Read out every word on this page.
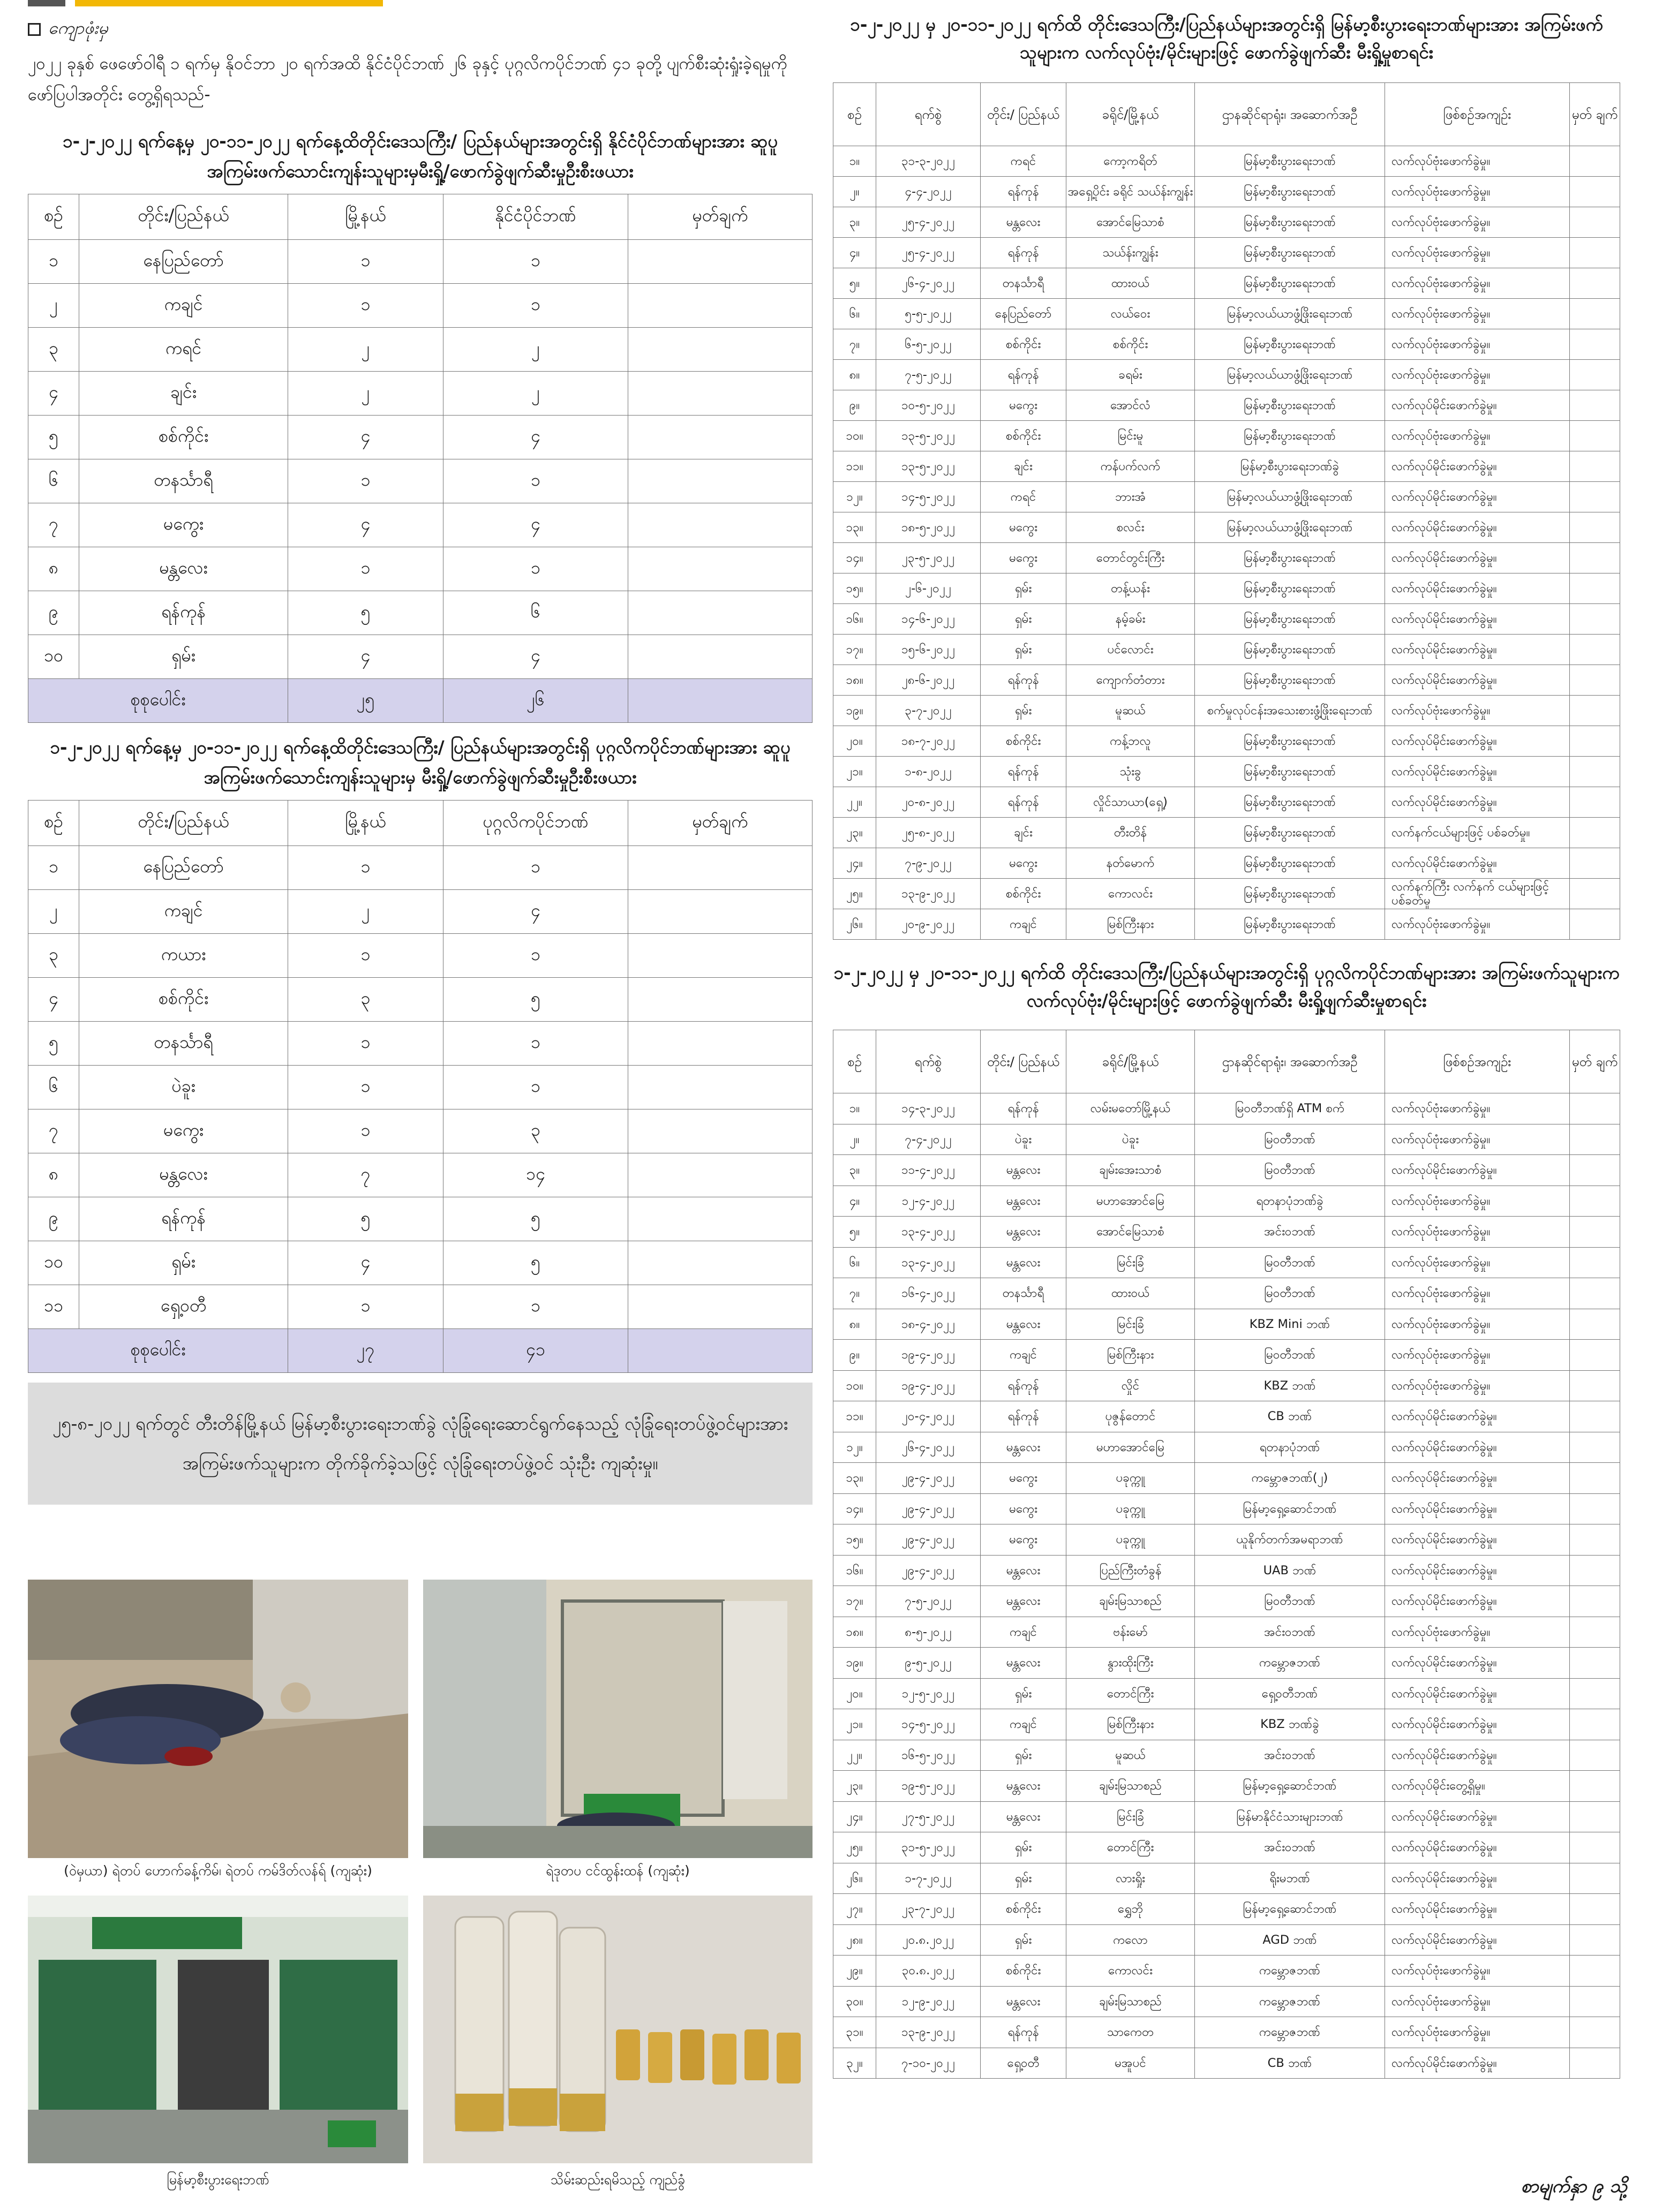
ကျောဖုံးမှ
၂၀၂၂ ခုနှစ် ဖေဖော်ဝါရီ ၁ ရက်မှ နိုဝင်ဘာ ၂၀ ရက်အထိ နိုင်ငံပိုင်ဘဏ် ၂၆ ခုနှင့် ပုဂ္ဂလိကပိုင်ဘဏ် ၄၁ ခုတို့ ပျက်စီးဆုံးရှုံးခဲ့ရမှုကို ဖော်ပြပါအတိုင်း တွေ့ရှိရသည်-
၁-၂-၂၀၂၂ ရက်နေ့မှ ၂၀-၁၁-၂၀၂၂ ရက်နေ့ထိတိုင်းဒေသကြီး/ ပြည်နယ်များအတွင်းရှိ နိုင်ငံပိုင်ဘဏ်များအား ဆူပူအကြမ်းဖက်သောင်းကျန်းသူများမှမီးရှို့/ဖောက်ခွဲဖျက်ဆီးမှုဦးစီးဖယား
စဉ်	တိုင်း/ပြည်နယ်	မြို့နယ်	နိုင်ငံပိုင်ဘဏ်	မှတ်ချက်
၁	နေပြည်တော်	၁	၁	
၂	ကချင်	၁	၁	
၃	ကရင်	၂	၂	
၄	ချင်း	၂	၂	
၅	စစ်ကိုင်း	၄	၄	
၆	တနင်္သာရီ	၁	၁	
၇	မကွေး	၄	၄	
၈	မန္တလေး	၁	၁	
၉	ရန်ကုန်	၅	၆	
၁၀	ရှမ်း	၄	၄	
စုစုပေါင်း		၂၅	၂၆	
၁-၂-၂၀၂၂ ရက်နေ့မှ ၂၀-၁၁-၂၀၂၂ ရက်နေ့ထိတိုင်းဒေသကြီး/ ပြည်နယ်များအတွင်းရှိ ပုဂ္ဂလိကပိုင်ဘဏ်များအား ဆူပူအကြမ်းဖက်သောင်းကျန်းသူများမှ မီးရှို့/ဖောက်ခွဲဖျက်ဆီးမှုဦးစီးဖယား
စဉ်	တိုင်း/ပြည်နယ်	မြို့နယ်	ပုဂ္ဂလိကပိုင်ဘဏ်	မှတ်ချက်
၁	နေပြည်တော်	၁	၁	
၂	ကချင်	၂	၄	
၃	ကယား	၁	၁	
၄	စစ်ကိုင်း	၃	၅	
၅	တနင်္သာရီ	၁	၁	
၆	ပဲခူး	၁	၁	
၇	မကွေး	၁	၃	
၈	မန္တလေး	၇	၁၄	
၉	ရန်ကုန်	၅	၅	
၁၀	ရှမ်း	၄	၅	
၁၁	ရှေ့ဝတီ	၁	၁	
စုစုပေါင်း		၂၇	၄၁	
၂၅-၈-၂၀၂၂ ရက်တွင် တီးတိန်မြို့နယ် မြန်မာ့စီးပွားရေးဘဏ်ခွဲ လုံခြုံရေးဆောင်ရွက်နေသည့် လုံခြုံရေးတပ်ဖွဲ့ဝင်များအား အကြမ်းဖက်သူများက တိုက်ခိုက်ခဲ့သဖြင့် လုံခြုံရေးတပ်ဖွဲ့ဝင် သုံးဦး ကျဆုံးမှု။
(ဝဲမှယာ) ရဲတပ် ဟောက်ခန့်ကိမ်၊ ရဲတပ် ကမ်ဒိတ်လန်ရ် (ကျဆုံး)	ရဲဒုတပ ငင်ထွန်းထန် (ကျဆုံး)
မြန်မာ့စီးပွားရေးဘဏ်	သိမ်းဆည်းရမိသည့် ကျည်ခွံ
၁-၂-၂၀၂၂ မှ ၂၀-၁၁-၂၀၂၂ ရက်ထိ တိုင်းဒေသကြီး/ပြည်နယ်များအတွင်းရှိ မြန်မာ့စီးပွားရေးဘဏ်များအား အကြမ်းဖက်သူများက လက်လုပ်ဗုံး/မိုင်းများဖြင့် ဖောက်ခွဲဖျက်ဆီး မီးရှို့မှုစာရင်း
စဉ်	ရက်စွဲ	တိုင်း/ ပြည်နယ်	ခရိုင်/မြို့နယ်	ဌာနဆိုင်ရာရုံး၊ အဆောက်အဦ	ဖြစ်စဉ်အကျဉ်း	မှတ် ချက်
၁။	၃၁-၃-၂၀၂၂	ကရင်	ကော့ကရိတ်	မြန်မာ့စီးပွားရေးဘဏ်	လက်လုပ်ဗုံးဖောက်ခွဲမှု။	
၂။	၄-၄-၂၀၂၂	ရန်ကုန်	အရှေ့ပိုင်း ခရိုင် သယ်န်းကျွန်း	မြန်မာ့စီးပွားရေးဘဏ်	လက်လုပ်ဗုံးဖောက်ခွဲမှု။	
၃။	၂၅-၄-၂၀၂၂	မန္တလေး	အောင်မြေသာစံ	မြန်မာ့စီးပွားရေးဘဏ်	လက်လုပ်ဗုံးဖောက်ခွဲမှု။	
၄။	၂၅-၄-၂၀၂၂	ရန်ကုန်	သယ်န်းကျွန်း	မြန်မာ့စီးပွားရေးဘဏ်	လက်လုပ်ဗုံးဖောက်ခွဲမှု။	
၅။	၂၆-၄-၂၀၂၂	တနင်္သာရီ	ထားဝယ်	မြန်မာ့စီးပွားရေးဘဏ်	လက်လုပ်ဗုံးဖောက်ခွဲမှု။	
၆။	၅-၅-၂၀၂၂	နေပြည်တော်	လယ်ဝေး	မြန်မာ့လယ်ယာဖွံ့ဖြိုးရေးဘဏ်	လက်လုပ်ဗုံးဖောက်ခွဲမှု။	
၇။	၆-၅-၂၀၂၂	စစ်ကိုင်း	စစ်ကိုင်း	မြန်မာ့စီးပွားရေးဘဏ်	လက်လုပ်ဗုံးဖောက်ခွဲမှု။	
၈။	၇-၅-၂၀၂၂	ရန်ကုန်	ခရမ်း	မြန်မာ့လယ်ယာဖွံ့ဖြိုးရေးဘဏ်	လက်လုပ်ဗုံးဖောက်ခွဲမှု။	
၉။	၁၀-၅-၂၀၂၂	မကွေး	အောင်လံ	မြန်မာ့စီးပွားရေးဘဏ်	လက်လုပ်မိုင်းဖောက်ခွဲမှု။	
၁၀။	၁၃-၅-၂၀၂၂	စစ်ကိုင်း	မြင်းမူ	မြန်မာ့စီးပွားရေးဘဏ်	လက်လုပ်ဗုံးဖောက်ခွဲမှု။	
၁၁။	၁၃-၅-၂၀၂၂	ချင်း	ကန်ပက်လက်	မြန်မာ့စီးပွားရေးဘဏ်ခွဲ	လက်လုပ်မိုင်းဖောက်ခွဲမှု။	
၁၂။	၁၄-၅-၂၀၂၂	ကရင်	ဘားအံ	မြန်မာ့လယ်ယာဖွံ့ဖြိုးရေးဘဏ်	လက်လုပ်မိုင်းဖောက်ခွဲမှု။	
၁၃။	၁၈-၅-၂၀၂၂	မကွေး	စလင်း	မြန်မာ့လယ်ယာဖွံ့ဖြိုးရေးဘဏ်	လက်လုပ်မိုင်းဖောက်ခွဲမှု။	
၁၄။	၂၃-၅-၂၀၂၂	မကွေး	တောင်တွင်းကြီး	မြန်မာ့စီးပွားရေးဘဏ်	လက်လုပ်မိုင်းဖောက်ခွဲမှု။	
၁၅။	၂-၆-၂၀၂၂	ရှမ်း	တန့်ယန်း	မြန်မာ့စီးပွားရေးဘဏ်	လက်လုပ်မိုင်းဖောက်ခွဲမှု။	
၁၆။	၁၄-၆-၂၀၂၂	ရှမ်း	နမ့်ခမ်း	မြန်မာ့စီးပွားရေးဘဏ်	လက်လုပ်မိုင်းဖောက်ခွဲမှု။	
၁၇။	၁၅-၆-၂၀၂၂	ရှမ်း	ပင်လောင်း	မြန်မာ့စီးပွားရေးဘဏ်	လက်လုပ်မိုင်းဖောက်ခွဲမှု။	
၁၈။	၂၈-၆-၂၀၂၂	ရန်ကုန်	ကျောက်တံတား	မြန်မာ့စီးပွားရေးဘဏ်	လက်လုပ်မိုင်းဖောက်ခွဲမှု။	
၁၉။	၃-၇-၂၀၂၂	ရှမ်း	မူဆယ်	စက်မှုလုပ်ငန်းအသေးစားဖွံ့ဖြိုးရေးဘဏ်	လက်လုပ်ဗုံးဖောက်ခွဲမှု။	
၂၀။	၁၈-၇-၂၀၂၂	စစ်ကိုင်း	ကန့်ဘလူ	မြန်မာ့စီးပွားရေးဘဏ်	လက်လုပ်မိုင်းဖောက်ခွဲမှု။	
၂၁။	၁-၈-၂၀၂၂	ရန်ကုန်	သုံးခွ	မြန်မာ့စီးပွားရေးဘဏ်	လက်လုပ်မိုင်းဖောက်ခွဲမှု။	
၂၂။	၂၀-၈-၂၀၂၂	ရန်ကုန်	လှိုင်သာယာ(ရှေ့)	မြန်မာ့စီးပွားရေးဘဏ်	လက်လုပ်မိုင်းဖောက်ခွဲမှု။	
၂၃။	၂၅-၈-၂၀၂၂	ချင်း	တီးတိန်	မြန်မာ့စီးပွားရေးဘဏ်	လက်နက်ငယ်များဖြင့် ပစ်ခတ်မှု။	
၂၄။	၇-၉-၂၀၂၂	မကွေး	နတ်မောက်	မြန်မာ့စီးပွားရေးဘဏ်	လက်လုပ်မိုင်းဖောက်ခွဲမှု။	
၂၅။	၁၃-၉-၂၀၂၂	စစ်ကိုင်း	ကောလင်း	မြန်မာ့စီးပွားရေးဘဏ်	လက်နက်ကြီး လက်နက် ငယ်များဖြင့် ပစ်ခတ်မှု	
၂၆။	၂၀-၉-၂၀၂၂	ကချင်	မြစ်ကြီးနား	မြန်မာ့စီးပွားရေးဘဏ်	လက်လုပ်ဗုံးဖောက်ခွဲမှု။	
၁-၂-၂၀၂၂ မှ ၂၀-၁၁-၂၀၂၂ ရက်ထိ တိုင်းဒေသကြီး/ပြည်နယ်များအတွင်းရှိ ပုဂ္ဂလိကပိုင်ဘဏ်များအား အကြမ်းဖက်သူများက လက်လုပ်ဗုံး/မိုင်းများဖြင့် ဖောက်ခွဲဖျက်ဆီး မီးရှို့ဖျက်ဆီးမှုစာရင်း
စဉ်	ရက်စွဲ	တိုင်း/ ပြည်နယ်	ခရိုင်/မြို့နယ်	ဌာနဆိုင်ရာရုံး၊ အဆောက်အဦ	ဖြစ်စဉ်အကျဉ်း	မှတ် ချက်
၁။	၁၄-၃-၂၀၂၂	ရန်ကုန်	လမ်းမတော်မြို့နယ်	မြဝတီဘဏ်ရှိ ATM စက်	လက်လုပ်ဗုံးဖောက်ခွဲမှု။	
၂။	၇-၄-၂၀၂၂	ပဲခူး	ပဲခူး	မြဝတီဘဏ်	လက်လုပ်ဗုံးဖောက်ခွဲမှု။	
၃။	၁၁-၄-၂၀၂၂	မန္တလေး	ချမ်းအေးသာစံ	မြဝတီဘဏ်	လက်လုပ်မိုင်းဖောက်ခွဲမှု။	
၄။	၁၂-၄-၂၀၂၂	မန္တလေး	မဟာအောင်မြေ	ရတနာပုံဘဏ်ခွဲ	လက်လုပ်ဗုံးဖောက်ခွဲမှု။	
၅။	၁၃-၄-၂၀၂၂	မန္တလေး	အောင်မြေသာစံ	အင်းဝဘဏ်	လက်လုပ်ဗုံးဖောက်ခွဲမှု။	
၆။	၁၃-၄-၂၀၂၂	မန္တလေး	မြင်းခြံ	မြဝတီဘဏ်	လက်လုပ်ဗုံးဖောက်ခွဲမှု။	
၇။	၁၆-၄-၂၀၂၂	တနင်္သာရီ	ထားဝယ်	မြဝတီဘဏ်	လက်လုပ်ဗုံးဖောက်ခွဲမှု။	
၈။	၁၈-၄-၂၀၂၂	မန္တလေး	မြင်းခြံ	KBZ Mini ဘဏ်	လက်လုပ်ဗုံးဖောက်ခွဲမှု။	
၉။	၁၉-၄-၂၀၂၂	ကချင်	မြစ်ကြီးနား	မြဝတီဘဏ်	လက်လုပ်ဗုံးဖောက်ခွဲမှု။	
၁၀။	၁၉-၄-၂၀၂၂	ရန်ကုန်	လှိုင်	KBZ ဘဏ်	လက်လုပ်ဗုံးဖောက်ခွဲမှု။	
၁၁။	၂၀-၄-၂၀၂၂	ရန်ကုန်	ပုဇွန်တောင်	CB ဘဏ်	လက်လုပ်မိုင်းဖောက်ခွဲမှု။	
၁၂။	၂၆-၄-၂၀၂၂	မန္တလေး	မဟာအောင်မြေ	ရတနာပုံဘဏ်	လက်လုပ်မိုင်းဖောက်ခွဲမှု။	
၁၃။	၂၉-၄-၂၀၂၂	မကွေး	ပခုက္ကူ	ကမ္ဘောဇဘဏ်(၂)	လက်လုပ်မိုင်းဖောက်ခွဲမှု။	
၁၄။	၂၉-၄-၂၀၂၂	မကွေး	ပခုက္ကူ	မြန်မာ့ရှေ့ဆောင်ဘဏ်	လက်လုပ်မိုင်းဖောက်ခွဲမှု။	
၁၅။	၂၉-၄-၂၀၂၂	မကွေး	ပခုက္ကူ	ယူနိုက်တက်အမရာဘဏ်	လက်လုပ်မိုင်းဖောက်ခွဲမှု။	
၁၆။	၂၉-၄-၂၀၂၂	မန္တလေး	ပြည်ကြီးတံခွန်	UAB ဘဏ်	လက်လုပ်မိုင်းဖောက်ခွဲမှု။	
၁၇။	၇-၅-၂၀၂၂	မန္တလေး	ချမ်းမြသာစည်	မြဝတီဘဏ်	လက်လုပ်မိုင်းဖောက်ခွဲမှု။	
၁၈။	၈-၅-၂၀၂၂	ကချင်	ဗန်းမော်	အင်းဝဘဏ်	လက်လုပ်ဗုံးဖောက်ခွဲမှု။	
၁၉။	၉-၅-၂၀၂၂	မန္တလေး	နွားထိုးကြီး	ကမ္ဘောဇဘဏ်	လက်လုပ်မိုင်းဖောက်ခွဲမှု။	
၂၀။	၁၂-၅-၂၀၂၂	ရှမ်း	တောင်ကြီး	ရှေ့ဝတီဘဏ်	လက်လုပ်မိုင်းဖောက်ခွဲမှု။	
၂၁။	၁၄-၅-၂၀၂၂	ကချင်	မြစ်ကြီးနား	KBZ ဘဏ်ခွဲ	လက်လုပ်မိုင်းဖောက်ခွဲမှု။	
၂၂။	၁၆-၅-၂၀၂၂	ရှမ်း	မူဆယ်	အင်းဝဘဏ်	လက်လုပ်မိုင်းဖောက်ခွဲမှု။	
၂၃။	၁၉-၅-၂၀၂၂	မန္တလေး	ချမ်းမြသာစည်	မြန်မာ့ရှေ့ဆောင်ဘဏ်	လက်လုပ်မိုင်းတွေ့ရှိမှု။	
၂၄။	၂၇-၅-၂၀၂၂	မန္တလေး	မြင်းခြံ	မြန်မာနိုင်ငံသားများဘဏ်	လက်လုပ်မိုင်းဖောက်ခွဲမှု။	
၂၅။	၃၁-၅-၂၀၂၂	ရှမ်း	တောင်ကြီး	အင်းဝဘဏ်	လက်လုပ်မိုင်းဖောက်ခွဲမှု။	
၂၆။	၁-၇-၂၀၂၂	ရှမ်း	လားရှိုး	ရိုးမဘဏ်	လက်လုပ်မိုင်းဖောက်ခွဲမှု။	
၂၇။	၂၃-၇-၂၀၂၂	စစ်ကိုင်း	ရွှေဘို	မြန်မာ့ရှေ့ဆောင်ဘဏ်	လက်လုပ်မိုင်းဖောက်ခွဲမှု။	
၂၈။	၂၀.၈.၂၀၂၂	ရှမ်း	ကလော	AGD ဘဏ်	လက်လုပ်မိုင်းဖောက်ခွဲမှု။	
၂၉။	၃၀.၈.၂၀၂၂	စစ်ကိုင်း	ကောလင်း	ကမ္ဘောဇဘဏ်	လက်လုပ်ဗုံးဖောက်ခွဲမှု။	
၃၀။	၁၂-၉-၂၀၂၂	မန္တလေး	ချမ်းမြသာစည်	ကမ္ဘောဇဘဏ်	လက်လုပ်ဗုံးဖောက်ခွဲမှု။	
၃၁။	၁၃-၉-၂၀၂၂	ရန်ကုန်	သာကေတ	ကမ္ဘောဇဘဏ်	လက်လုပ်ဗုံးဖောက်ခွဲမှု။	
၃၂။	၇-၁၀-၂၀၂၂	ရှေ့ဝတီ	မအူပင်	CB ဘဏ်	လက်လုပ်မိုင်းဖောက်ခွဲမှု။	
စာမျက်နှာ ၉ သို့
